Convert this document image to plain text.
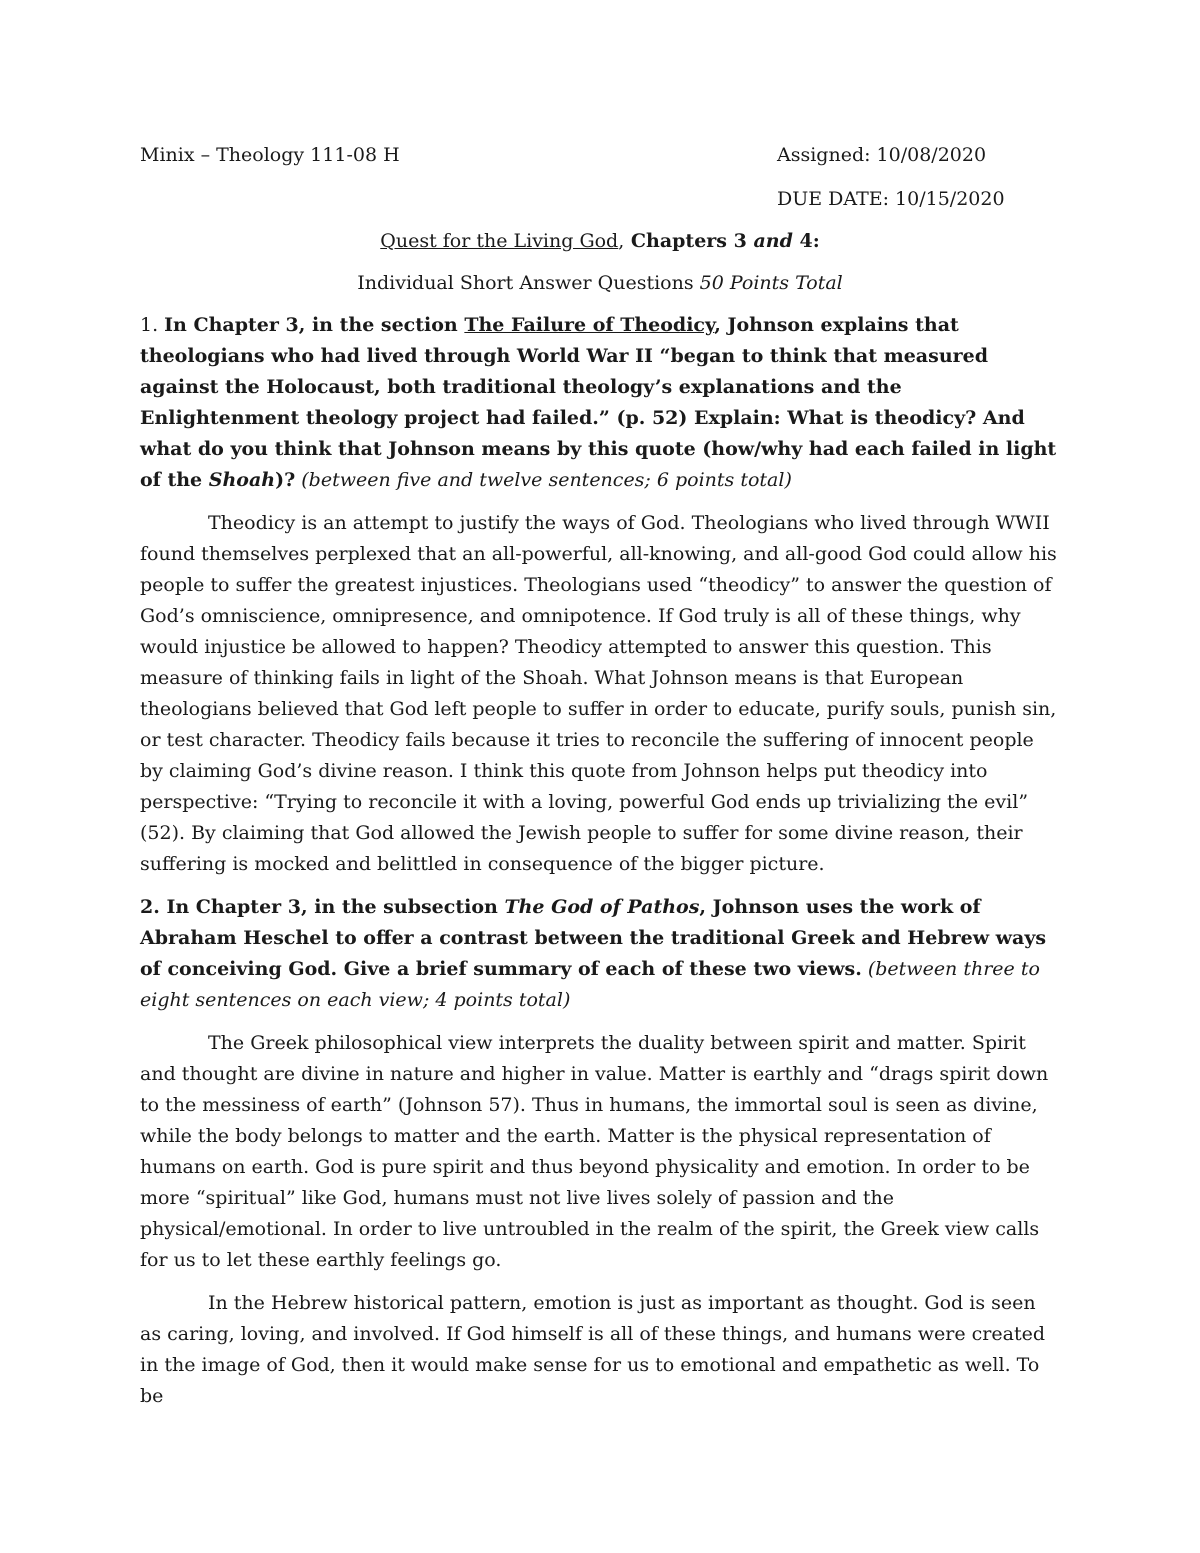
Minix – Theology 111-08 H	Assigned: 10/08/2020
DUE DATE: 10/15/2020
Quest for the Living God, Chapters 3 and 4:
Individual Short Answer Questions 50 Points Total
1. In Chapter 3, in the section The Failure of Theodicy, Johnson explains that theologians who had lived through World War II “began to think that measured against the Holocaust, both traditional theology’s explanations and the Enlightenment theology project had failed.” (p. 52) Explain: What is theodicy? And what do you think that Johnson means by this quote (how/why had each failed in light of the Shoah)? (between five and twelve sentences; 6 points total)
Theodicy is an attempt to justify the ways of God. Theologians who lived through WWII found themselves perplexed that an all-powerful, all-knowing, and all-good God could allow his people to suffer the greatest injustices. Theologians used “theodicy” to answer the question of God’s omniscience, omnipresence, and omnipotence. If God truly is all of these things, why would injustice be allowed to happen? Theodicy attempted to answer this question. This measure of thinking fails in light of the Shoah. What Johnson means is that European theologians believed that God left people to suffer in order to educate, purify souls, punish sin, or test character. Theodicy fails because it tries to reconcile the suffering of innocent people by claiming God’s divine reason. I think this quote from Johnson helps put theodicy into perspective: “Trying to reconcile it with a loving, powerful God ends up trivializing the evil” (52). By claiming that God allowed the Jewish people to suffer for some divine reason, their suffering is mocked and belittled in consequence of the bigger picture.
2. In Chapter 3, in the subsection The God of Pathos, Johnson uses the work of Abraham Heschel to offer a contrast between the traditional Greek and Hebrew ways of conceiving God. Give a brief summary of each of these two views. (between three to eight sentences on each view; 4 points total)
The Greek philosophical view interprets the duality between spirit and matter. Spirit and thought are divine in nature and higher in value. Matter is earthly and “drags spirit down to the messiness of earth” (Johnson 57). Thus in humans, the immortal soul is seen as divine, while the body belongs to matter and the earth. Matter is the physical representation of humans on earth. God is pure spirit and thus beyond physicality and emotion. In order to be more “spiritual” like God, humans must not live lives solely of passion and the physical/emotional. In order to live untroubled in the realm of the spirit, the Greek view calls for us to let these earthly feelings go.
In the Hebrew historical pattern, emotion is just as important as thought. God is seen as caring, loving, and involved. If God himself is all of these things, and humans were created in the image of God, then it would make sense for us to emotional and empathetic as well. To be
